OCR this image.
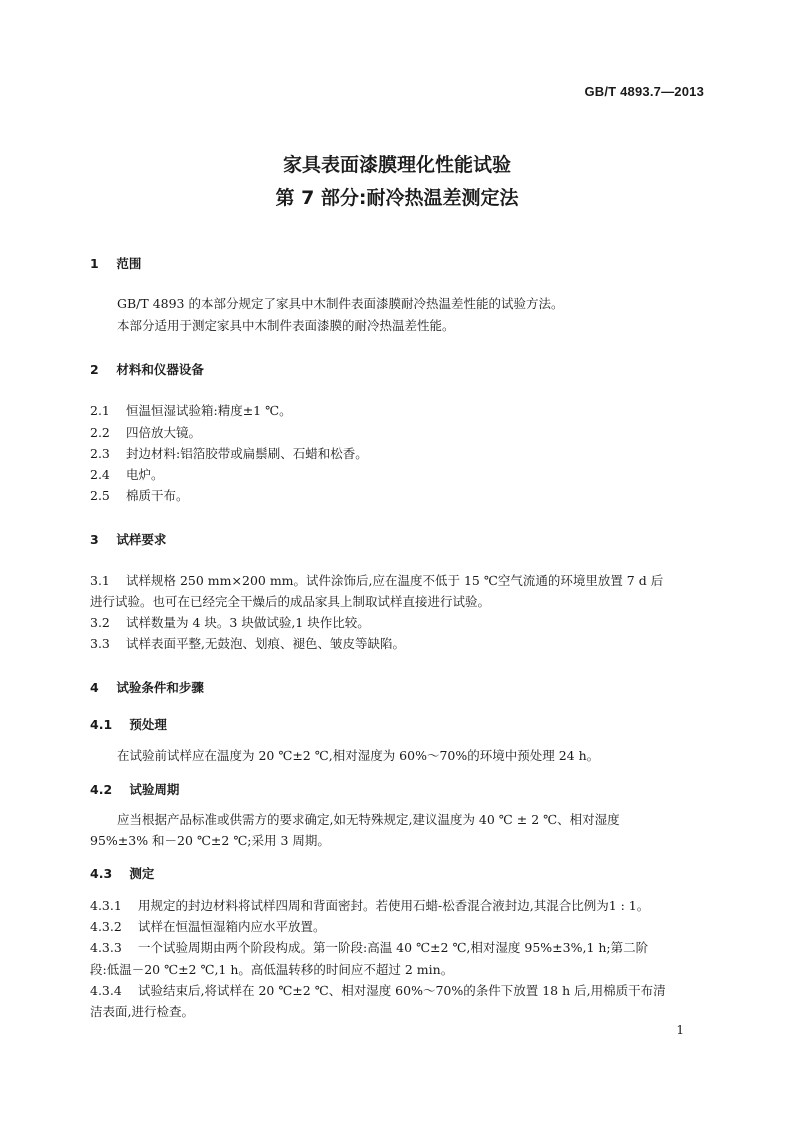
GB/T 4893.7—2013
家具表面漆膜理化性能试验
第 7 部分:耐冷热温差测定法
1 范围
GB/T 4893 的本部分规定了家具中木制件表面漆膜耐冷热温差性能的试验方法。
本部分适用于测定家具中木制件表面漆膜的耐冷热温差性能。
2 材料和仪器设备
2.1 恒温恒湿试验箱:精度±1 ℃。
2.2 四倍放大镜。
2.3 封边材料:铝箔胶带或扁鬃刷、石蜡和松香。
2.4 电炉。
2.5 棉质干布。
3 试样要求
3.1 试样规格 250 mm×200 mm。试件涂饰后,应在温度不低于 15 ℃空气流通的环境里放置 7 d 后
进行试验。也可在已经完全干燥后的成品家具上制取试样直接进行试验。
3.2 试样数量为 4 块。3 块做试验,1 块作比较。
3.3 试样表面平整,无鼓泡、划痕、褪色、皱皮等缺陷。
4 试验条件和步骤
4.1 预处理
在试验前试样应在温度为 20 ℃±2 ℃,相对湿度为 60%～70%的环境中预处理 24 h。
4.2 试验周期
应当根据产品标准或供需方的要求确定,如无特殊规定,建议温度为 40 ℃ ± 2 ℃、相对湿度
95%±3% 和－20 ℃±2 ℃;采用 3 周期。
4.3 测定
4.3.1 用规定的封边材料将试样四周和背面密封。若使用石蜡-松香混合液封边,其混合比例为1 : 1。
4.3.2 试样在恒温恒湿箱内应水平放置。
4.3.3 一个试验周期由两个阶段构成。第一阶段:高温 40 ℃±2 ℃,相对湿度 95%±3%,1 h;第二阶
段:低温－20 ℃±2 ℃,1 h。高低温转移的时间应不超过 2 min。
4.3.4 试验结束后,将试样在 20 ℃±2 ℃、相对湿度 60%～70%的条件下放置 18 h 后,用棉质干布清
洁表面,进行检查。
1
